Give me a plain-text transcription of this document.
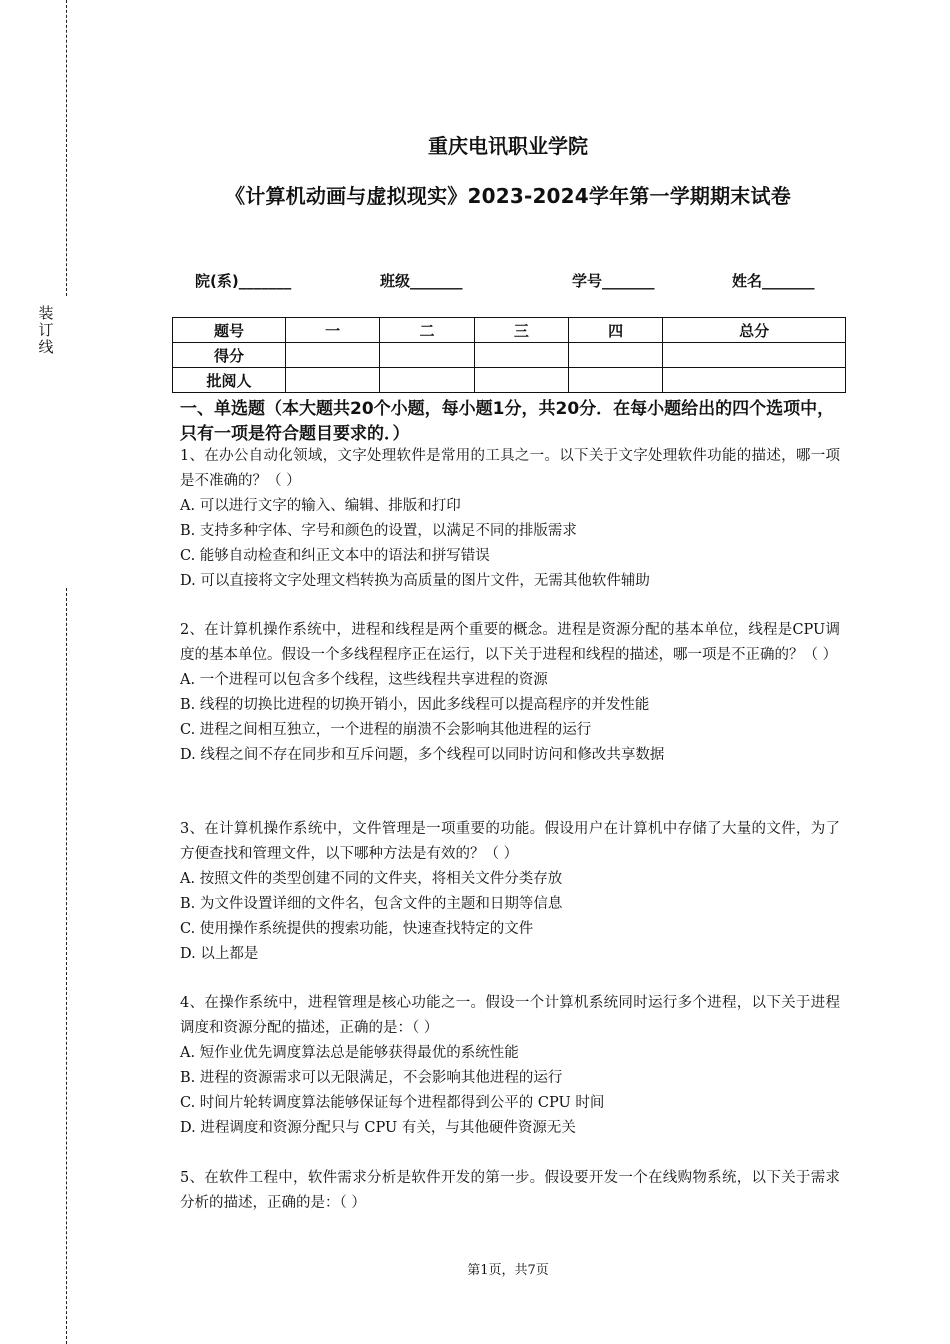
装
订
线
重庆电讯职业学院
《计算机动画与虚拟现实》2023-2024学年第一学期期末试卷
院(系)_______	班级_______	学号_______	姓名_______
题号	一	二	三	四	总分
得分					
批阅人					
一、单选题（本大题共20个小题，每小题1分，共20分．在每小题给出的四个选项中，只有一项是符合题目要求的．）

1、在办公自动化领域，文字处理软件是常用的工具之一。以下关于文字处理软件功能的描述，哪一项是不准确的？（ ）

A. 可以进行文字的输入、编辑、排版和打印

B. 支持多种字体、字号和颜色的设置，以满足不同的排版需求

C. 能够自动检查和纠正文本中的语法和拼写错误

D. 可以直接将文字处理文档转换为高质量的图片文件，无需其他软件辅助

2、在计算机操作系统中，进程和线程是两个重要的概念。进程是资源分配的基本单位，线程是CPU调度的基本单位。假设一个多线程程序正在运行，以下关于进程和线程的描述，哪一项是不正确的？（ ）

A. 一个进程可以包含多个线程，这些线程共享进程的资源

B. 线程的切换比进程的切换开销小，因此多线程可以提高程序的并发性能

C. 进程之间相互独立，一个进程的崩溃不会影响其他进程的运行

D. 线程之间不存在同步和互斥问题，多个线程可以同时访问和修改共享数据

3、在计算机操作系统中，文件管理是一项重要的功能。假设用户在计算机中存储了大量的文件，为了方便查找和管理文件，以下哪种方法是有效的？（ ）

A. 按照文件的类型创建不同的文件夹，将相关文件分类存放

B. 为文件设置详细的文件名，包含文件的主题和日期等信息

C. 使用操作系统提供的搜索功能，快速查找特定的文件

D. 以上都是

4、在操作系统中，进程管理是核心功能之一。假设一个计算机系统同时运行多个进程，以下关于进程调度和资源分配的描述，正确的是：（ ）

A. 短作业优先调度算法总是能够获得最优的系统性能

B. 进程的资源需求可以无限满足，不会影响其他进程的运行

C. 时间片轮转调度算法能够保证每个进程都得到公平的 CPU 时间

D. 进程调度和资源分配只与 CPU 有关，与其他硬件资源无关

5、在软件工程中，软件需求分析是软件开发的第一步。假设要开发一个在线购物系统，以下关于需求分析的描述，正确的是：（ ）

第1页，共7页
